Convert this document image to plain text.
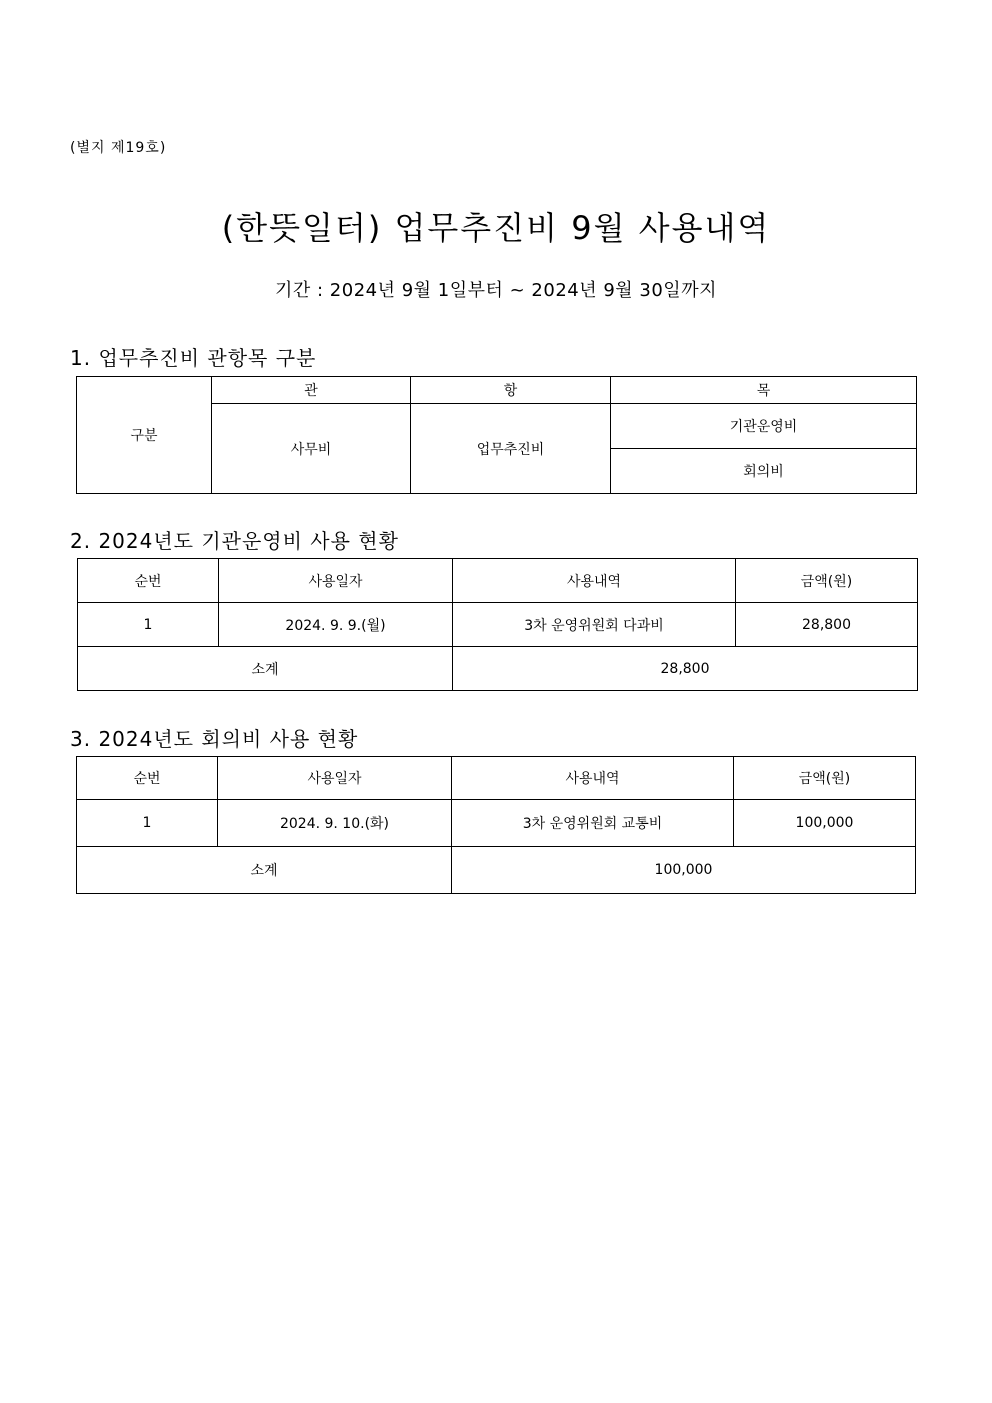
(별지 제19호)
(한뜻일터) 업무추진비 9월 사용내역
기간 : 2024년 9월 1일부터 ~ 2024년 9월 30일까지
1. 업무추진비 관항목 구분
구분	관	항	목
	사무비	업무추진비	기관운영비
			회의비
2. 2024년도 기관운영비 사용 현황
순번	사용일자	사용내역	금액(원)
1	2024. 9. 9.(월)	3차 운영위원회 다과비	28,800
소계		28,800	
3. 2024년도 회의비 사용 현황
순번	사용일자	사용내역	금액(원)
1	2024. 9. 10.(화)	3차 운영위원회 교통비	100,000
소계		100,000	
